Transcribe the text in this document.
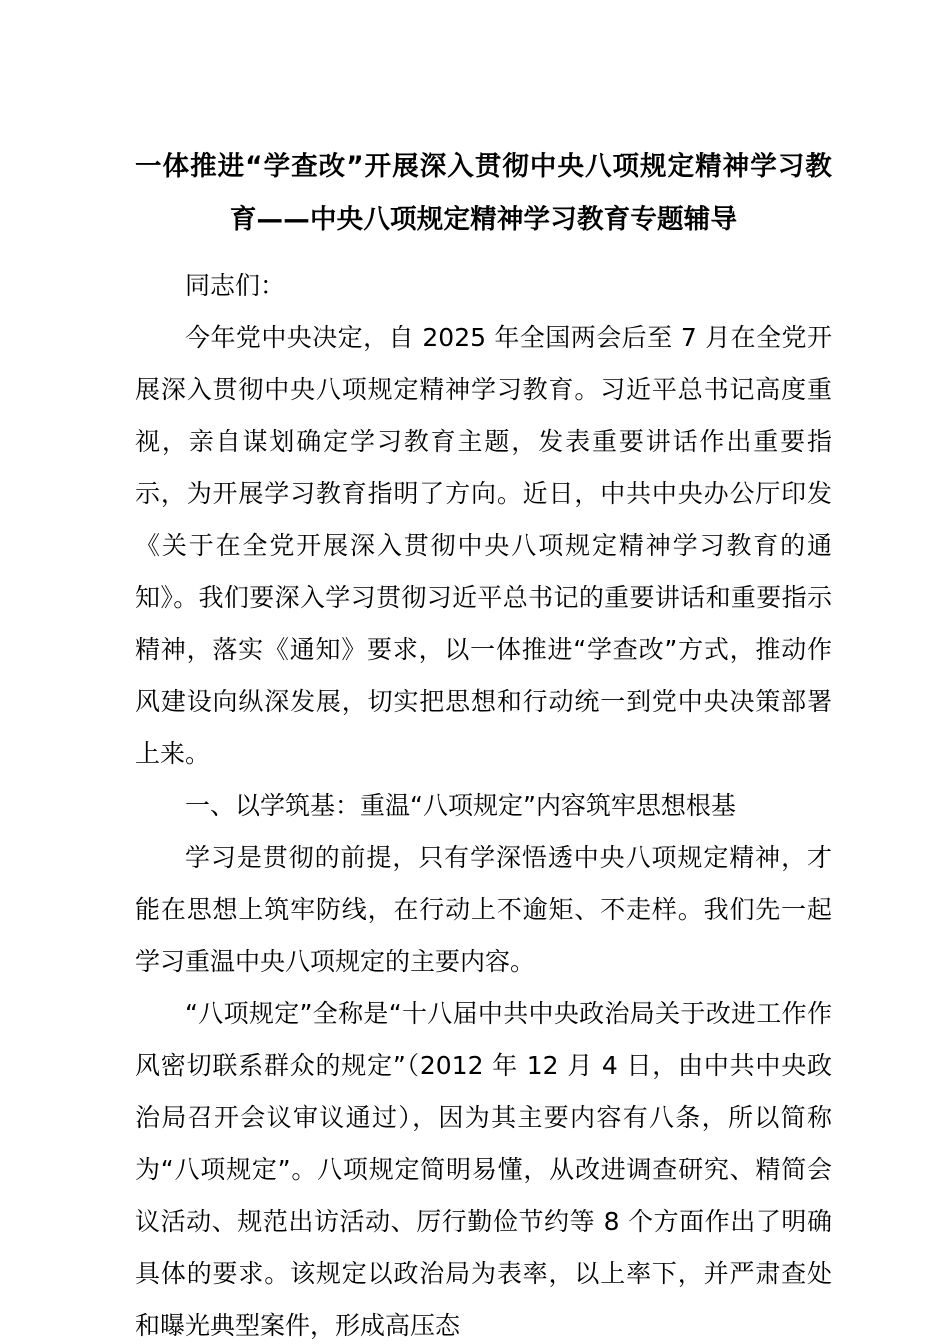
一体推进“学查改”开展深入贯彻中央八项规定精神学习教育——中央八项规定精神学习教育专题辅导

同志们：

今年党中央决定，自 2025 年全国两会后至 7 月在全党开展深入贯彻中央八项规定精神学习教育。习近平总书记高度重视，亲自谋划确定学习教育主题，发表重要讲话作出重要指示，为开展学习教育指明了方向。近日，中共中央办公厅印发《关于在全党开展深入贯彻中央八项规定精神学习教育的通知》。我们要深入学习贯彻习近平总书记的重要讲话和重要指示精神，落实《通知》要求，以一体推进“学查改”方式，推动作风建设向纵深发展，切实把思想和行动统一到党中央决策部署上来。

一、以学筑基：重温“八项规定”内容筑牢思想根基

学习是贯彻的前提，只有学深悟透中央八项规定精神，才能在思想上筑牢防线，在行动上不逾矩、不走样。我们先一起学习重温中央八项规定的主要内容。

“八项规定”全称是“十八届中共中央政治局关于改进工作作风密切联系群众的规定”（2012 年 12 月 4 日，由中共中央政治局召开会议审议通过），因为其主要内容有八条，所以简称为“八项规定”。八项规定简明易懂，从改进调查研究、精简会议活动、规范出访活动、厉行勤俭节约等 8 个方面作出了明确具体的要求。该规定以政治局为表率，以上率下，并严肃查处和曝光典型案件，形成高压态
